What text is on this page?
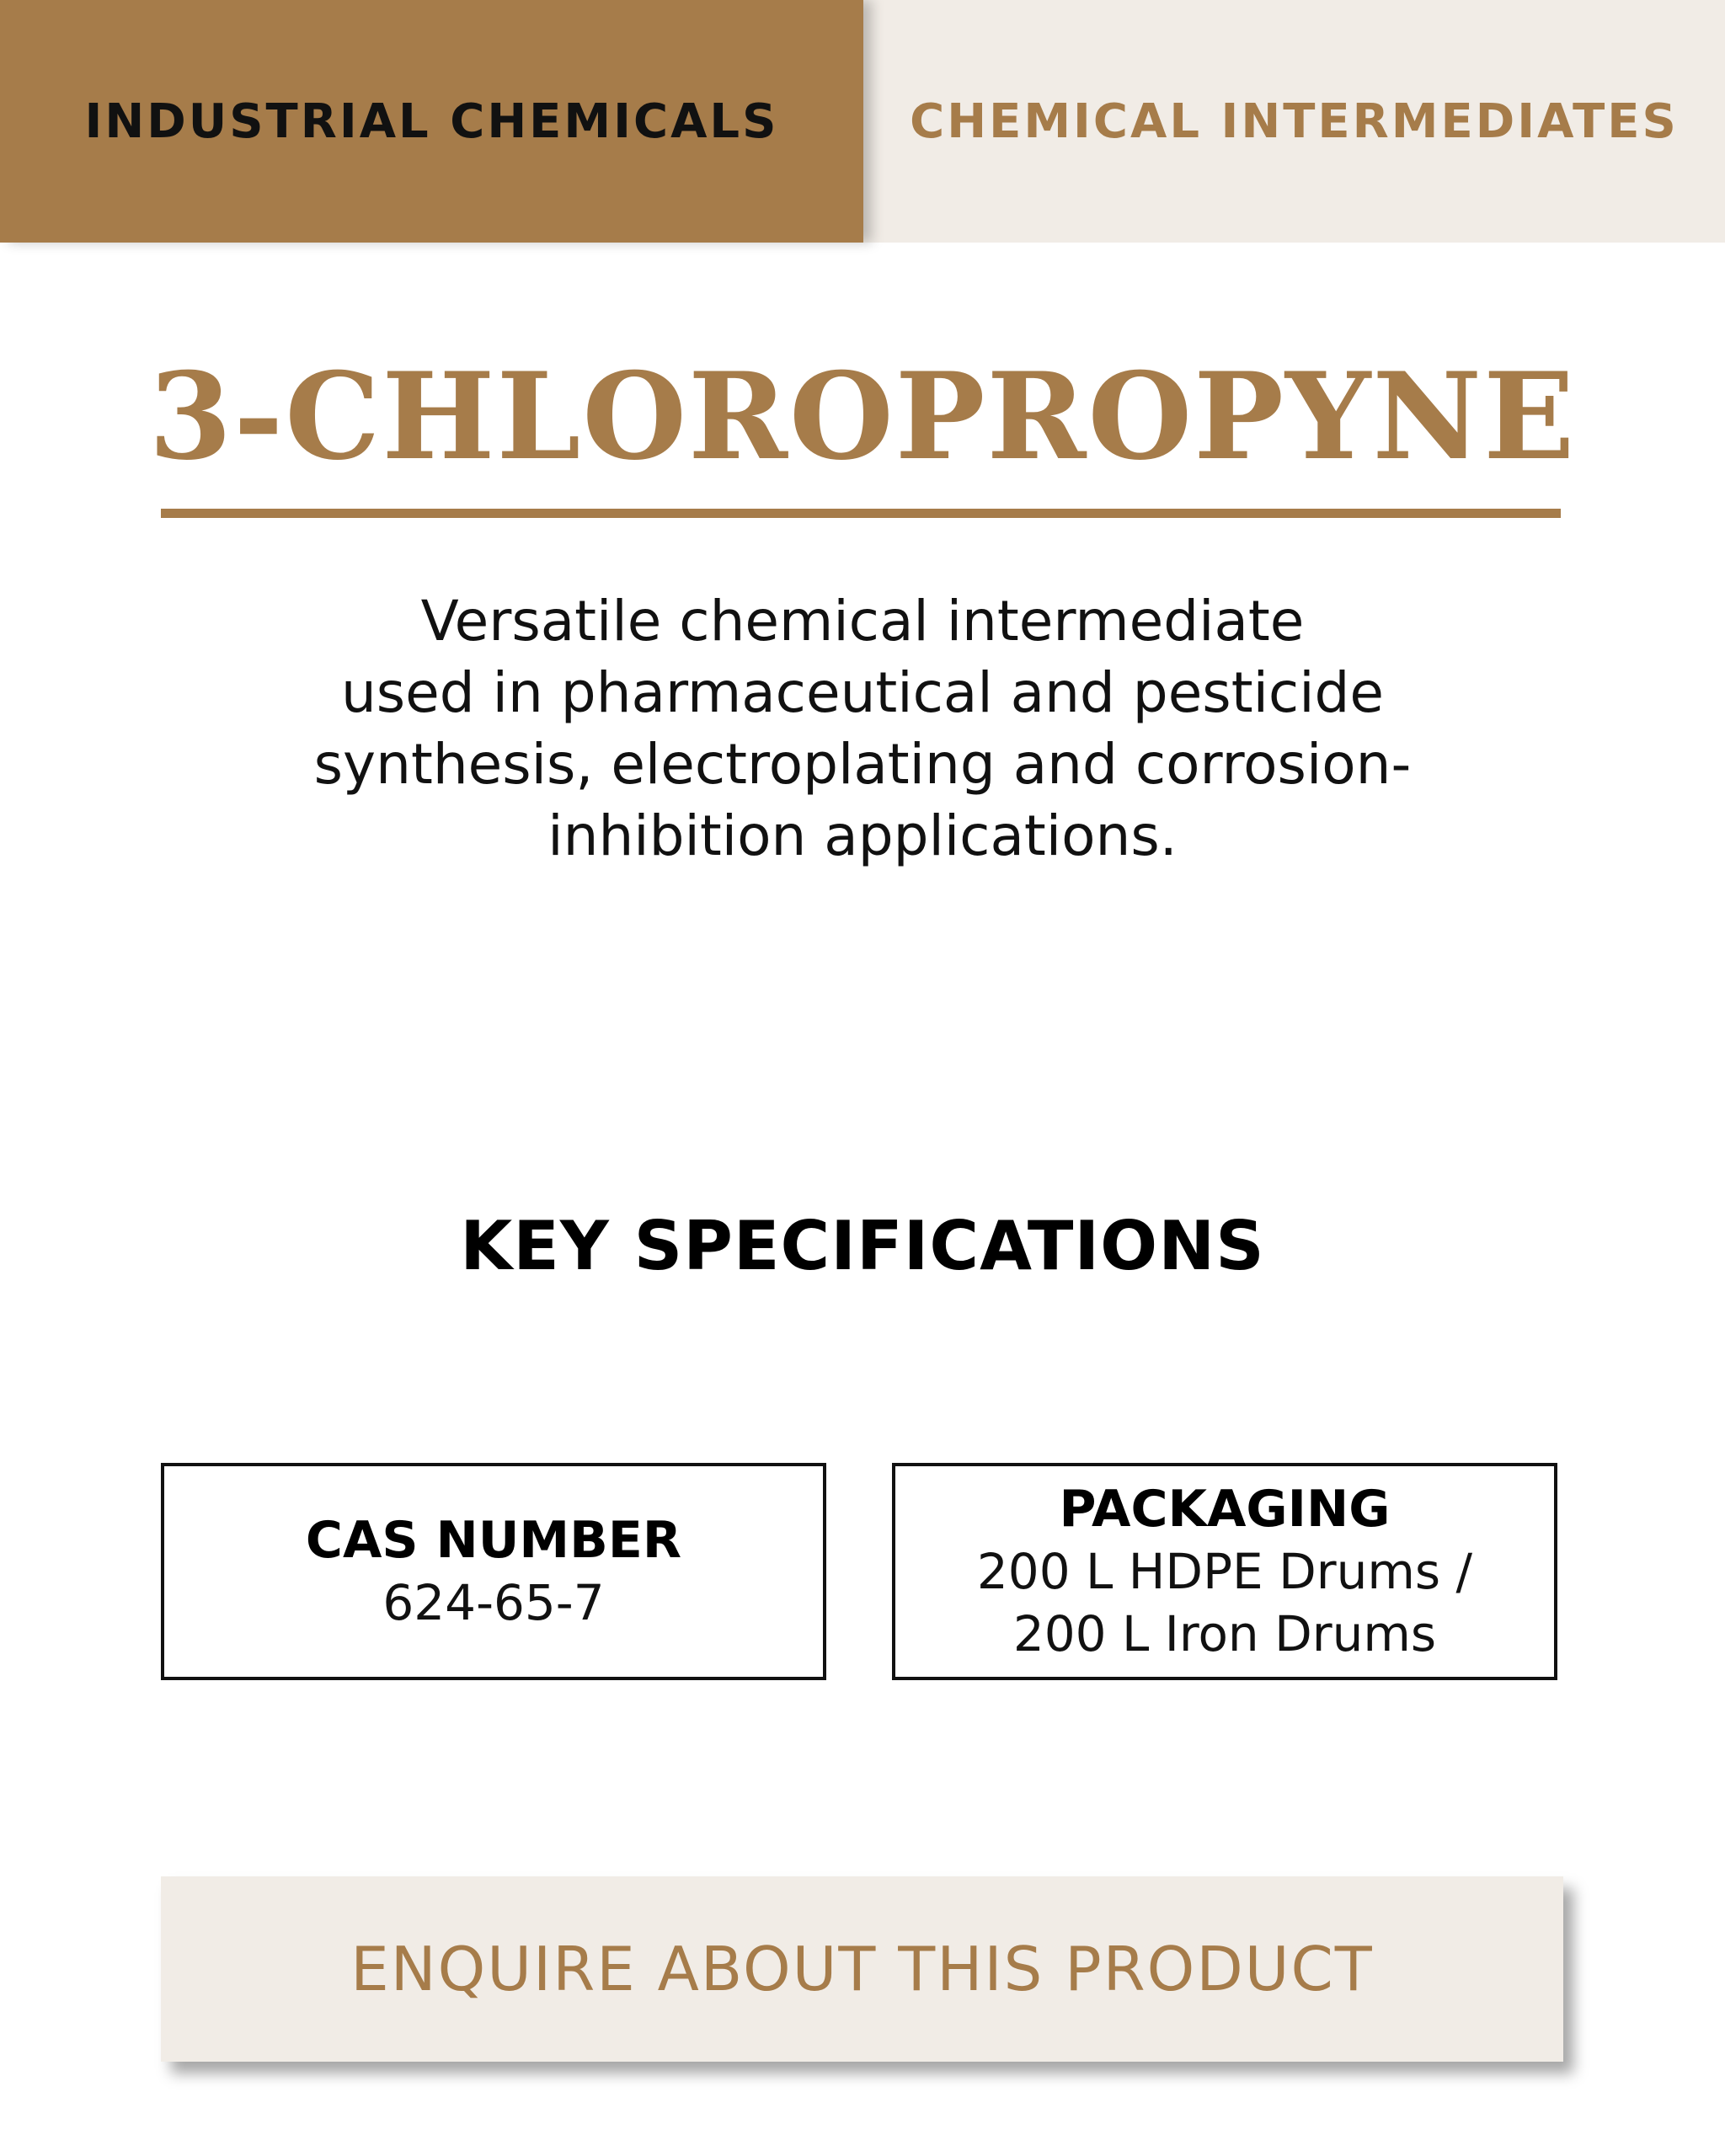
INDUSTRIAL CHEMICALS	CHEMICAL INTERMEDIATES
3-CHLOROPROPYNE
Versatile chemical intermediate
used in pharmaceutical and pesticide
synthesis, electroplating and corrosion-
inhibition applications.
KEY SPECIFICATIONS
CAS NUMBER
624-65-7
PACKAGING
200 L HDPE Drums /
200 L Iron Drums
ENQUIRE ABOUT THIS PRODUCT
